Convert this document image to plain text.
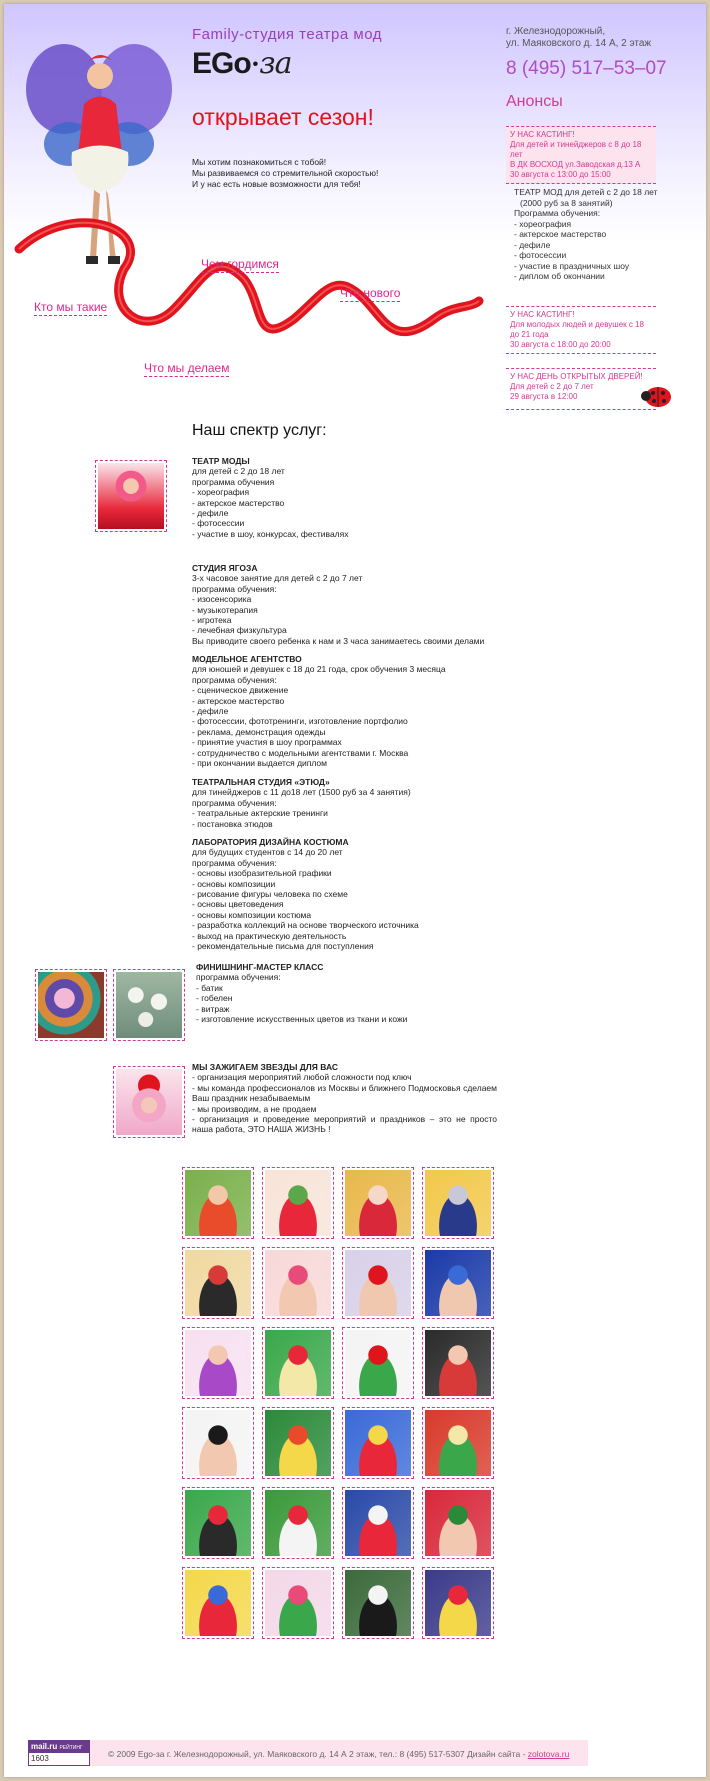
Family-студия театра мод
EGo •за
открывает сезон!
Мы хотим познакомиться с тобой!
Мы развиваемся со стремительной скоростью!
И у нас есть новые возможности для тебя!
г. Железнодорожный,
ул. Маяковского д. 14 А, 2 этаж
8 (495) 517–53–07
Анонсы
Чем гордимся
Что нового
Кто мы такие
Что мы делаем
У НАС КАСТИНГ!
Для детей и тинейджеров с 8 до 18 лет
В ДК ВОСХОД ул.Заводская д.13 А
30 августа с 13:00 до 15:00
ТЕАТР МОД для детей с 2 до 18 лет
(2000 руб за 8 занятий)
Программа обучения:
- хореография
- актерское мастерство
- дефиле
- фотосессии
- участие в праздничных шоу
- диплом об окончании
У НАС КАСТИНГ!
Для молодых людей и девушек с 18 до 21 года
30 августа с 18:00 до 20:00
У НАС ДЕНЬ ОТКРЫТЫХ ДВЕРЕЙ!
Для детей с 2 до 7 лет
29 августа в 12:00
Наш спектр услуг:
ТЕАТР МОДЫ
для детей с 2 до 18 лет
программа обучения
- хореография
- актерское мастерство
- дефиле
- фотосессии
- участие в шоу, конкурсах, фестивалях
СТУДИЯ ЯГОЗА
3-х часовое занятие для детей с 2 до 7 лет
программа обучения:
- изосенсорика
- музыкотерапия
- игротека
- лечебная физкультура
Вы приводите своего ребенка к нам и 3 часа занимаетесь своими делами
МОДЕЛЬНОЕ АГЕНТСТВО
для юношей и девушек с 18 до 21 года, срок обучения 3 месяца
программа обучения:
- сценическое движение
- актерское мастерство
- дефиле
- фотосессии, фототренинги, изготовление портфолио
- реклама, демонстрация одежды
- принятие участия в шоу программах
- сотрудничество с модельными агентствами г. Москва
- при окончании выдается диплом
ТЕАТРАЛЬНАЯ СТУДИЯ «ЭТЮД»
для тинейджеров с 11 до18 лет (1500 руб за 4 занятия)
программа обучения:
- театральные актерские тренинги
- постановка этюдов
ЛАБОРАТОРИЯ ДИЗАЙНА КОСТЮМА
для будущих студентов с 14 до 20 лет
программа обучения:
- основы изобразительной графики
- основы композиции
- рисование фигуры человека по схеме
- основы цветоведения
- основы композиции костюма
- разработка коллекций на основе творческого источника
- выход на практическую деятельность
- рекомендательные письма для поступления
ФИНИШНИНГ-МАСТЕР КЛАСС
программа обучения:
- батик
- гобелен
- витраж
- изготовление искусственных цветов из ткани и кожи
МЫ ЗАЖИГАЕМ ЗВЕЗДЫ ДЛЯ ВАС
- организация мероприятий любой сложности под ключ
- мы команда профессионалов из Москвы и ближнего Подмосковья сделаем Ваш праздник незабываемым
- мы производим, а не продаем
- организация и проведение мероприятий и праздников – это не просто наша работа, ЭТО НАША ЖИЗНЬ !
mail.ru РЕЙТИНГ
1603	© 2009 Ego-за г. Железнодорожный, ул. Маяковского д. 14 А 2 этаж, тел.: 8 (495) 517-5307 Дизайн сайта - zolotova.ru
